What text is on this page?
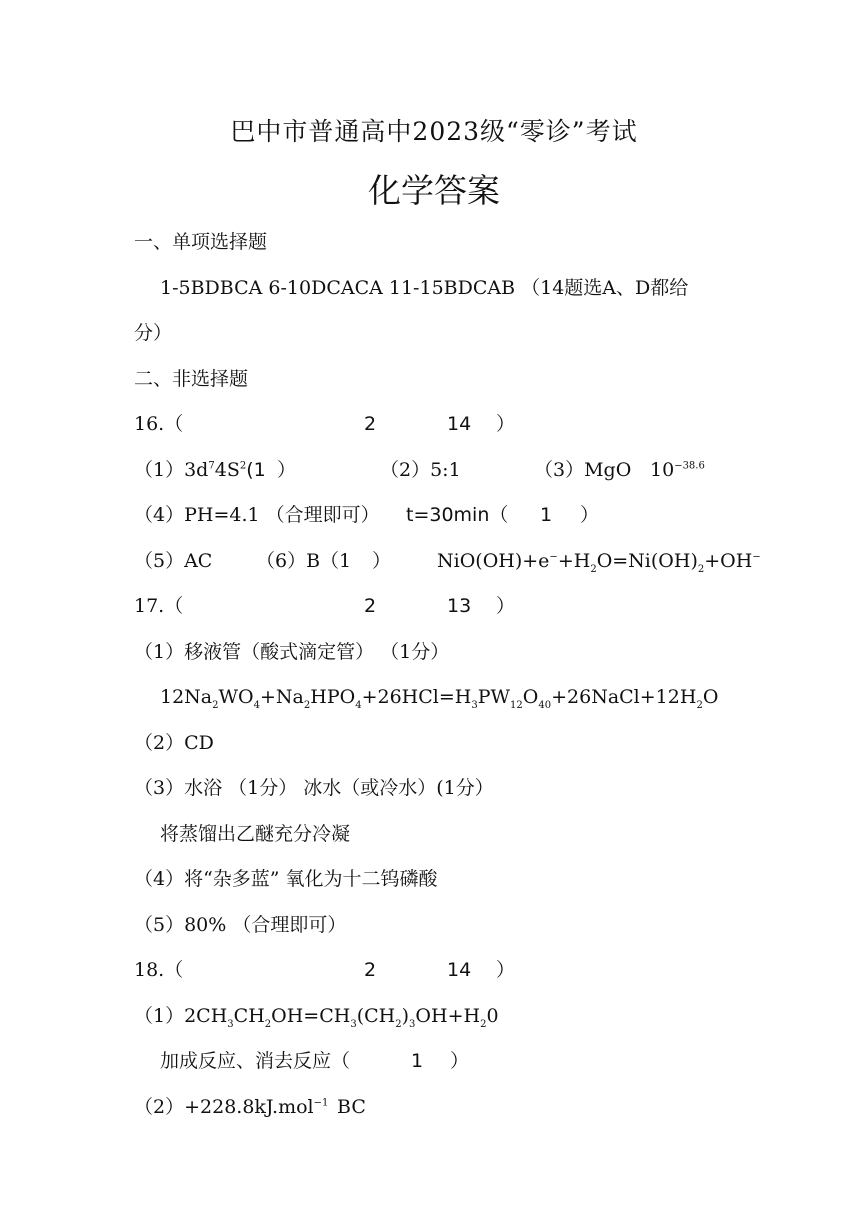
巴中市普通高中2023级“零诊”考试
化学答案
一、单项选择题
1-5BDBCA 6-10DCACA 11-15BDCAB （14题选A、D都给
分）
二、非选择题
16.（	2	14 ）
$(1)3d^74S^2(1$ ）	（2）5:1	（3）MgO $10^{-38.6}$
（4）PH=4.1 （合理即可） t=30min（ 1 ）
（5）AC （6）B（1 ） $NiO(OH)+e^-+H_2O=Ni(OH)_2+OH^-$
17.（	2	13 ）
（1）移液管（酸式滴定管） （1分）
$12Na_2WO_4+Na_2HPO_4+26HCl=H_3PW_{12}O_{40}+26NaCl+12H_2O$
（2）CD
（3）水浴 （1分） 冰水（或冷水）(1分）
将蒸馏出乙醚充分冷凝
（4）将“杂多蓝” 氧化为十二钨磷酸
（5）80% （合理即可）
18.（	2	14 ）
$(1)2CH_3CH_2OH=CH_3(CH_2)_3OH+H_20$
加成反应、消去反应（	1 ）
（2）+228.8kJ.mol$^{-1}$ BC
